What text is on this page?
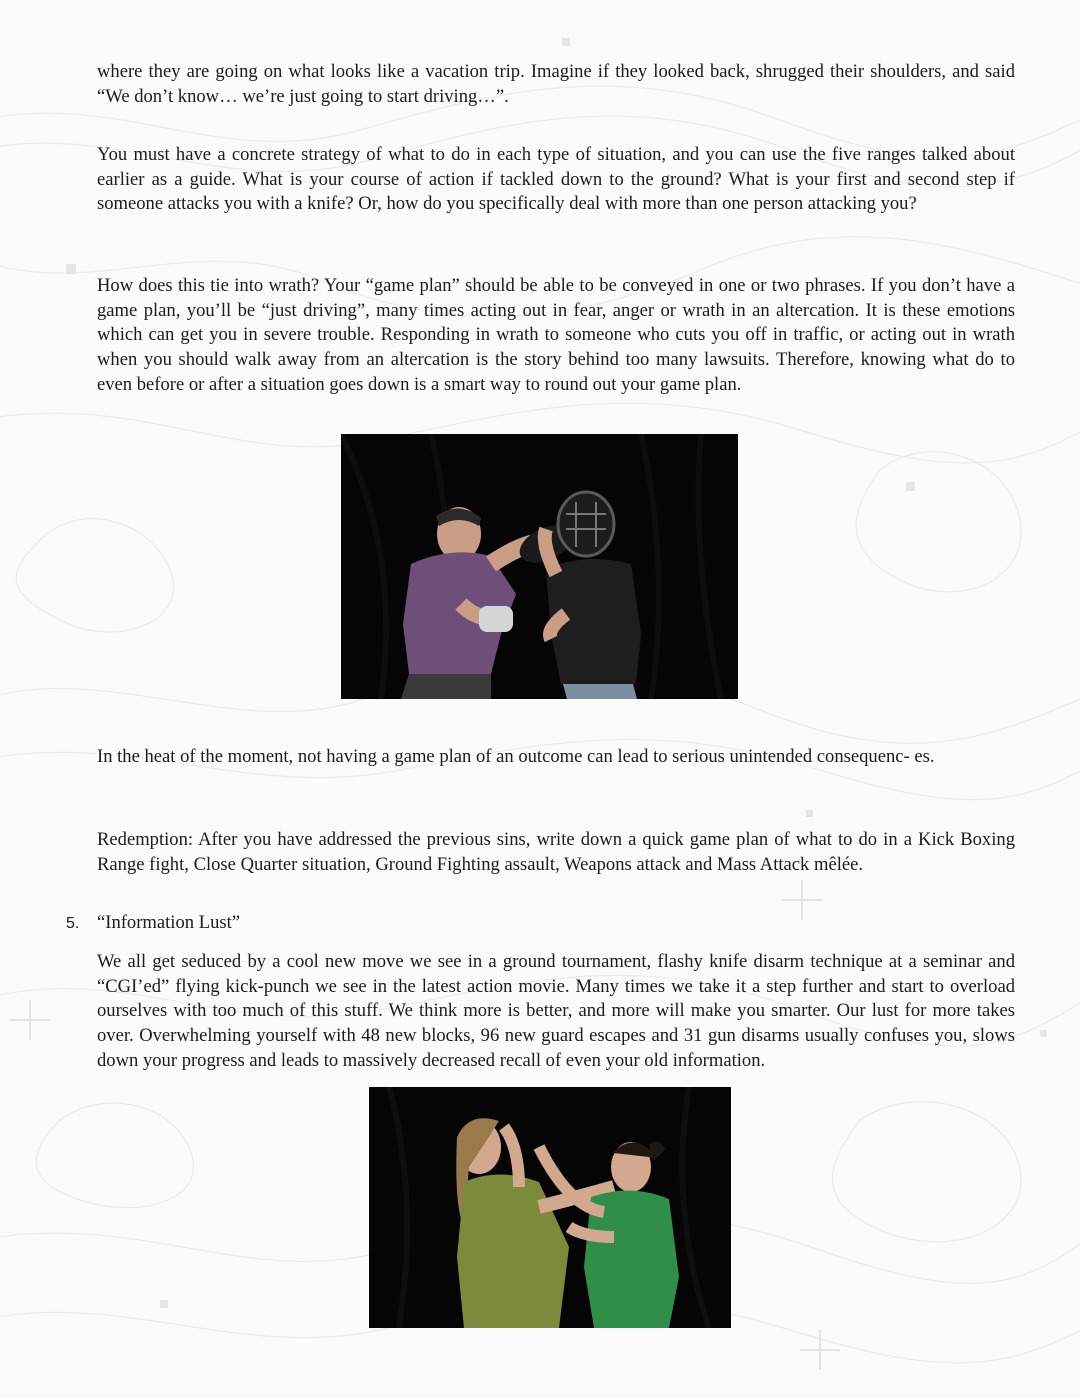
where they are going on what looks like a vacation trip. Imagine if they looked back, shrugged their shoulders, and said “We don’t know… we’re just going to start driving…”.

You must have a concrete strategy of what to do in each type of situation, and you can use the five ranges talked about earlier as a guide. What is your course of action if tackled down to the ground? What is your first and second step if someone attacks you with a knife? Or, how do you specifically deal with more than one person attacking you?

How does this tie into wrath? Your “game plan” should be able to be conveyed in one or two phrases. If you don’t have a game plan, you’ll be “just driving”, many times acting out in fear, anger or wrath in an altercation. It is these emotions which can get you in severe trouble. Responding in wrath to someone who cuts you off in traffic, or acting out in wrath when you should walk away from an altercation is the story behind too many lawsuits. Therefore, knowing what do to even before or after a situation goes down is a smart way to round out your game plan.

In the heat of the moment, not having a game plan of an outcome can lead to serious unintended consequenc- es.

Redemption: After you have addressed the previous sins, write down a quick game plan of what to do in a Kick Boxing Range fight, Close Quarter situation, Ground Fighting assault, Weapons attack and Mass Attack mêlée.

5. “Information Lust”

We all get seduced by a cool new move we see in a ground tournament, flashy knife disarm technique at a seminar and “CGI’ed” flying kick-punch we see in the latest action movie. Many times we take it a step further and start to overload ourselves with too much of this stuff. We think more is better, and more will make you smarter. Our lust for more takes over. Overwhelming yourself with 48 new blocks, 96 new guard escapes and 31 gun disarms usually confuses you, slows down your progress and leads to massively decreased recall of even your old information.
